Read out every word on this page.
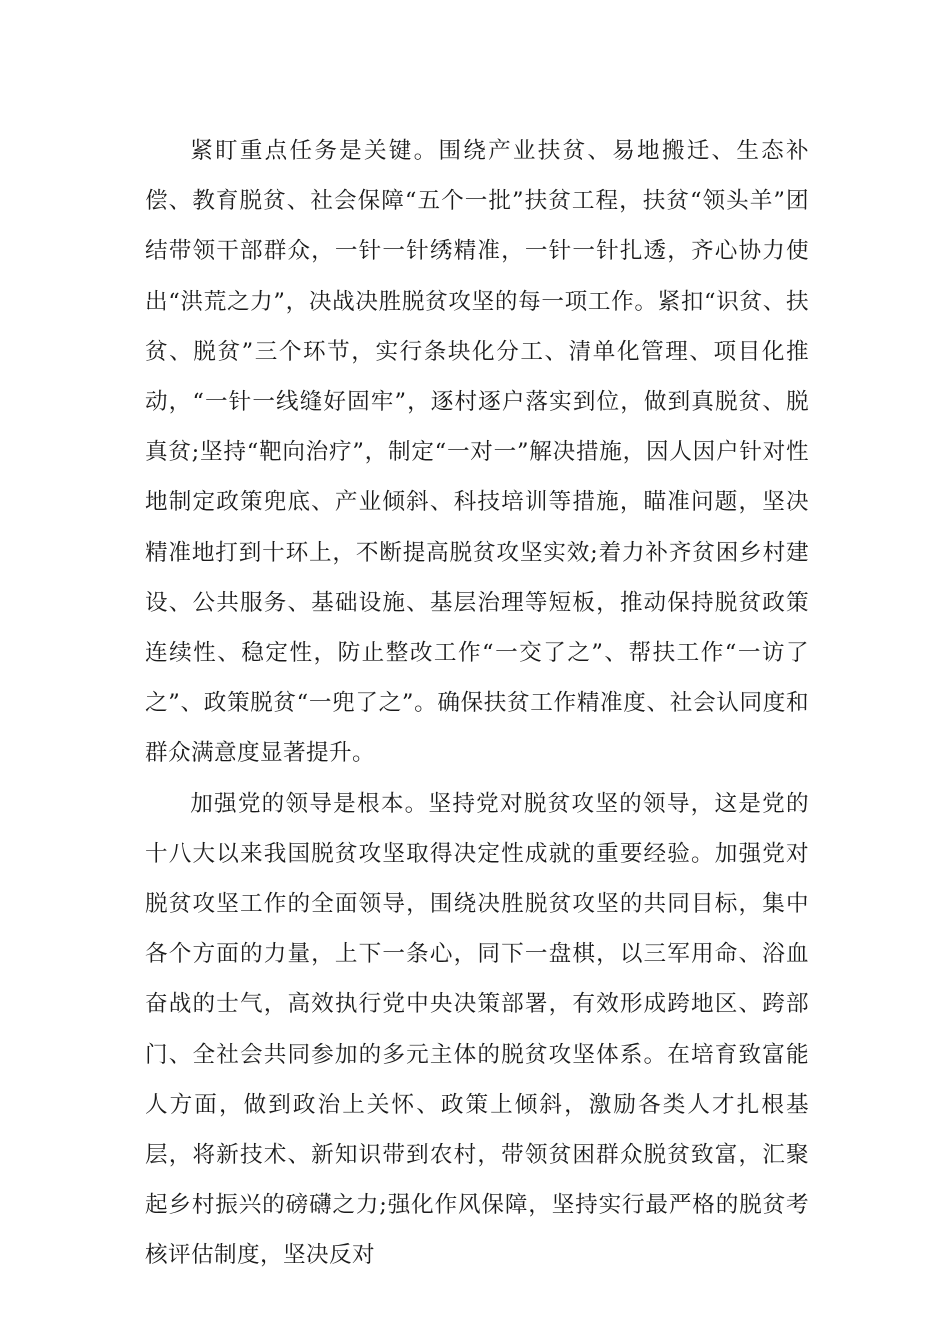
紧盯重点任务是关键。围绕产业扶贫、易地搬迁、生态补偿、教育脱贫、社会保障“五个一批”扶贫工程，扶贫“领头羊”团结带领干部群众，一针一针绣精准，一针一针扎透，齐心协力使出“洪荒之力”，决战决胜脱贫攻坚的每一项工作。紧扣“识贫、扶贫、脱贫”三个环节，实行条块化分工、清单化管理、项目化推动，“一针一线缝好固牢”，逐村逐户落实到位，做到真脱贫、脱真贫;坚持“靶向治疗”，制定“一对一”解决措施，因人因户针对性地制定政策兜底、产业倾斜、科技培训等措施，瞄准问题，坚决精准地打到十环上，不断提高脱贫攻坚实效;着力补齐贫困乡村建设、公共服务、基础设施、基层治理等短板，推动保持脱贫政策连续性、稳定性，防止整改工作“一交了之”、帮扶工作“一访了之”、政策脱贫“一兜了之”。确保扶贫工作精准度、社会认同度和群众满意度显著提升。

加强党的领导是根本。坚持党对脱贫攻坚的领导，这是党的十八大以来我国脱贫攻坚取得决定性成就的重要经验。加强党对脱贫攻坚工作的全面领导，围绕决胜脱贫攻坚的共同目标，集中各个方面的力量，上下一条心，同下一盘棋，以三军用命、浴血奋战的士气，高效执行党中央决策部署，有效形成跨地区、跨部门、全社会共同参加的多元主体的脱贫攻坚体系。在培育致富能人方面，做到政治上关怀、政策上倾斜，激励各类人才扎根基层，将新技术、新知识带到农村，带领贫困群众脱贫致富，汇聚起乡村振兴的磅礴之力;强化作风保障，坚持实行最严格的脱贫考核评估制度，坚决反对
